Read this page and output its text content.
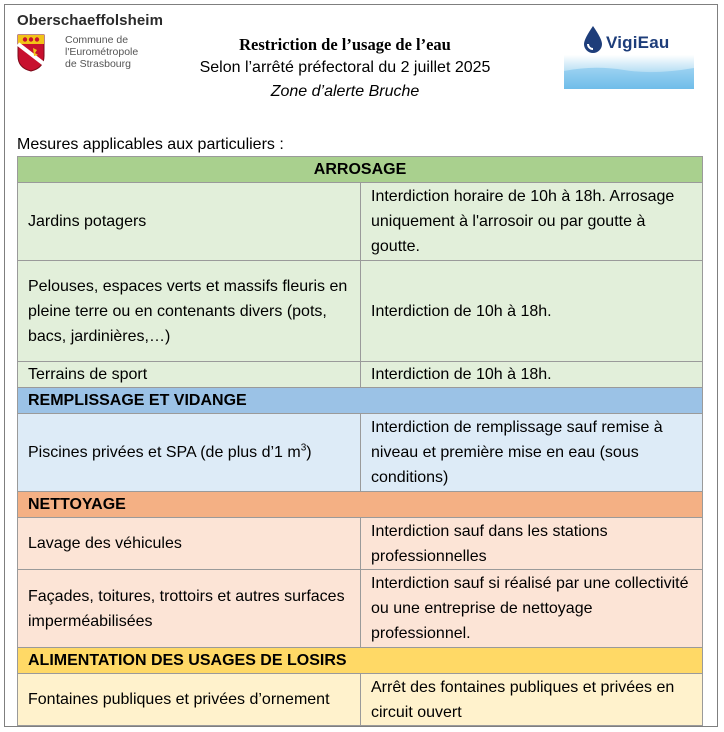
Oberschaeffolsheim
Commune de
l'Eurométropole
de Strasbourg
Restriction de l’usage de l’eau
Selon l’arrêté préfectoral du 2 juillet 2025
Zone d’alerte Bruche
VigiEau
Mesures applicables aux particuliers :
ARROSAGE	
Jardins potagers	Interdiction horaire de 10h à 18h. Arrosage uniquement à l'arrosoir ou par goutte à goutte.
Pelouses, espaces verts et massifs fleuris en pleine terre ou en contenants divers (pots, bacs, jardinières,…)	Interdiction de 10h à 18h.
Terrains de sport	Interdiction de 10h à 18h.
REMPLISSAGE ET VIDANGE	
Piscines privées et SPA (de plus d’1 $m^3$)	Interdiction de remplissage sauf remise à niveau et première mise en eau (sous conditions)
NETTOYAGE	
Lavage des véhicules	Interdiction sauf dans les stations professionnelles
Façades, toitures, trottoirs et autres surfaces imperméabilisées	Interdiction sauf si réalisé par une collectivité ou une entreprise de nettoyage professionnel.
ALIMENTATION DES USAGES DE LOSIRS	
Fontaines publiques et privées d’ornement	Arrêt des fontaines publiques et privées en circuit ouvert
